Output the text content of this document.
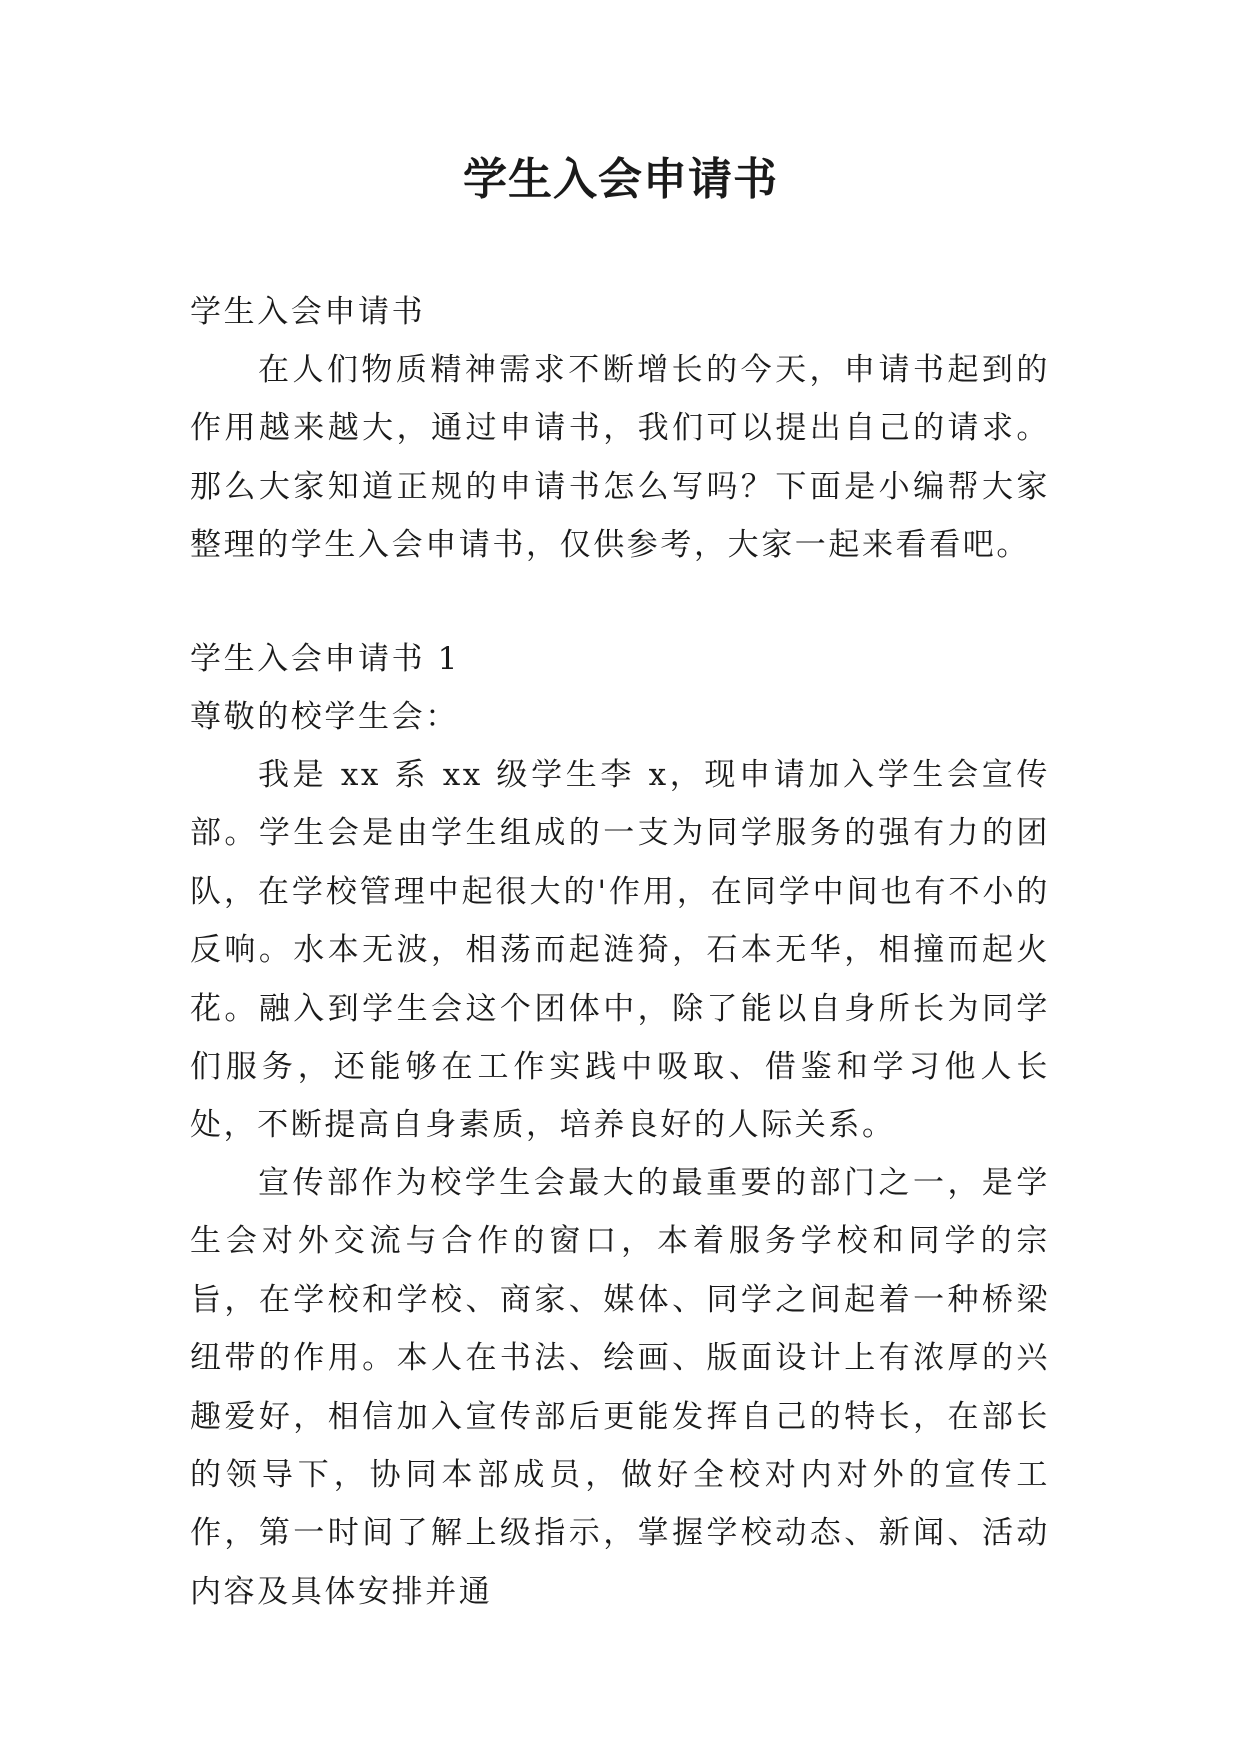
学生入会申请书

学生入会申请书

在人们物质精神需求不断增长的今天，申请书起到的作用越来越大，通过申请书，我们可以提出自己的请求。那么大家知道正规的申请书怎么写吗？下面是小编帮大家整理的学生入会申请书，仅供参考，大家一起来看看吧。

学生入会申请书 1

尊敬的校学生会：

我是 xx 系 xx 级学生李 x，现申请加入学生会宣传部。学生会是由学生组成的一支为同学服务的强有力的团队，在学校管理中起很大的'作用，在同学中间也有不小的反响。水本无波，相荡而起涟猗，石本无华，相撞而起火花。融入到学生会这个团体中，除了能以自身所长为同学们服务，还能够在工作实践中吸取、借鉴和学习他人长处，不断提高自身素质，培养良好的人际关系。

宣传部作为校学生会最大的最重要的部门之一，是学生会对外交流与合作的窗口，本着服务学校和同学的宗旨，在学校和学校、商家、媒体、同学之间起着一种桥梁纽带的作用。本人在书法、绘画、版面设计上有浓厚的兴趣爱好，相信加入宣传部后更能发挥自己的特长，在部长的领导下，协同本部成员，做好全校对内对外的宣传工作，第一时间了解上级指示，掌握学校动态、新闻、活动内容及具体安排并通
